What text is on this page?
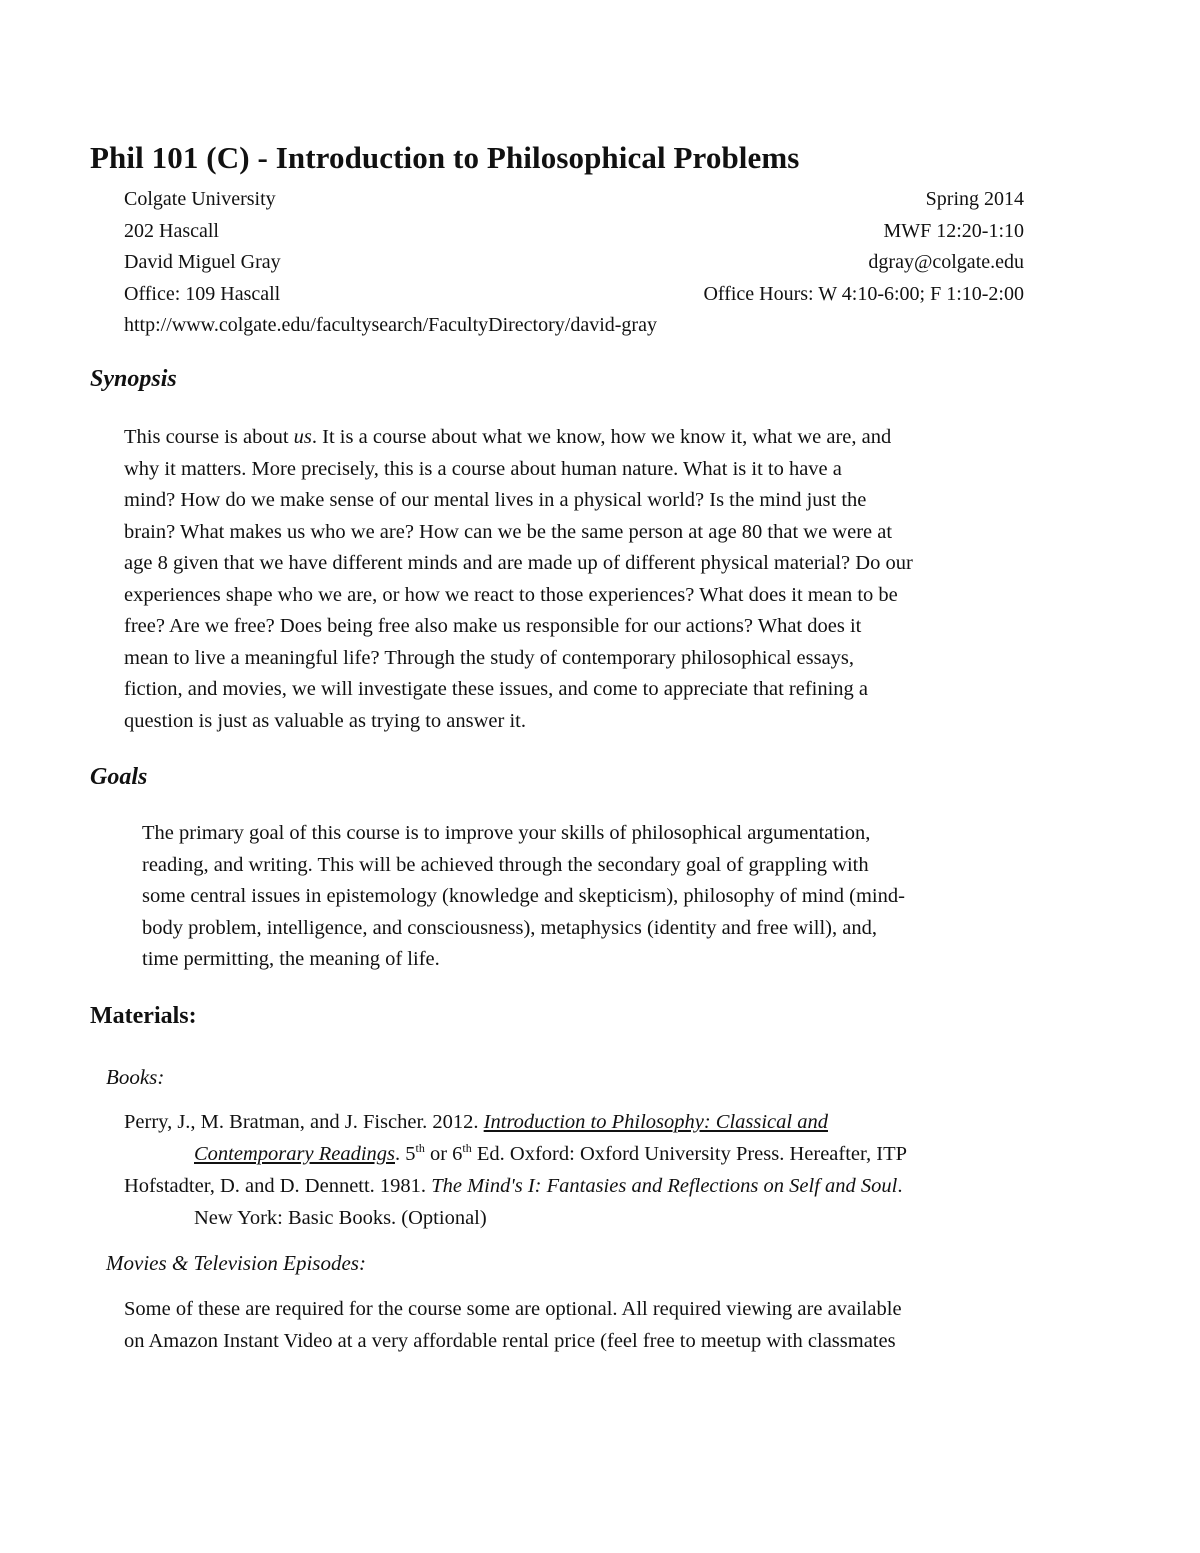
Phil 101 (C) - Introduction to Philosophical Problems
Colgate University	Spring 2014
202 Hascall	MWF 12:20-1:10
David Miguel Gray	dgray@colgate.edu
Office: 109 Hascall	Office Hours: W 4:10-6:00; F 1:10-2:00
http://www.colgate.edu/facultysearch/FacultyDirectory/david-gray
Synopsis
This course is about us. It is a course about what we know, how we know it, what we are, and
why it matters. More precisely, this is a course about human nature. What is it to have a
mind? How do we make sense of our mental lives in a physical world? Is the mind just the
brain? What makes us who we are? How can we be the same person at age 80 that we were at
age 8 given that we have different minds and are made up of different physical material? Do our
experiences shape who we are, or how we react to those experiences? What does it mean to be
free? Are we free? Does being free also make us responsible for our actions? What does it
mean to live a meaningful life? Through the study of contemporary philosophical essays,
fiction, and movies, we will investigate these issues, and come to appreciate that refining a
question is just as valuable as trying to answer it.
Goals
The primary goal of this course is to improve your skills of philosophical argumentation,
reading, and writing. This will be achieved through the secondary goal of grappling with
some central issues in epistemology (knowledge and skepticism), philosophy of mind (mind-
body problem, intelligence, and consciousness), metaphysics (identity and free will), and,
time permitting, the meaning of life.
Materials:
Books:
Perry, J., M. Bratman, and J. Fischer. 2012. Introduction to Philosophy: Classical and
Contemporary Readings. 5th or 6th Ed. Oxford: Oxford University Press. Hereafter, ITP
Hofstadter, D. and D. Dennett. 1981. The Mind's I: Fantasies and Reflections on Self and Soul.
New York: Basic Books. (Optional)
Movies & Television Episodes:
Some of these are required for the course some are optional. All required viewing are available
on Amazon Instant Video at a very affordable rental price (feel free to meetup with classmates
